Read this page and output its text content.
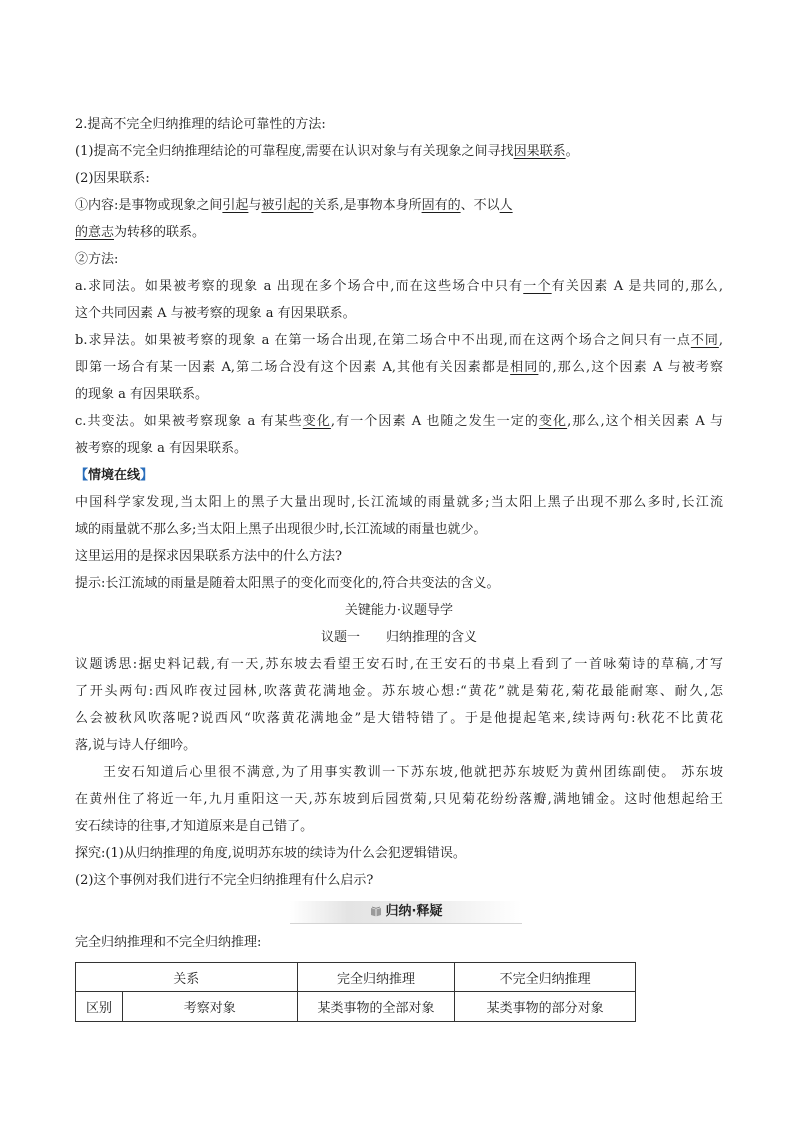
2.提高不完全归纳推理的结论可靠性的方法:
(1)提高不完全归纳推理结论的可靠程度,需要在认识对象与有关现象之间寻找因果联系。
(2)因果联系:
①内容:是事物或现象之间引起与被引起的关系,是事物本身所固有的、不以人
的意志为转移的联系。
②方法:
a.求同法。如果被考察的现象 a 出现在多个场合中,而在这些场合中只有一个有关因素 A 是共同的,那么,
这个共同因素 A 与被考察的现象 a 有因果联系。
b.求异法。如果被考察的现象 a 在第一场合出现,在第二场合中不出现,而在这两个场合之间只有一点不同,
即第一场合有某一因素 A,第二场合没有这个因素 A,其他有关因素都是相同的,那么,这个因素 A 与被考察
的现象 a 有因果联系。
c.共变法。如果被考察现象 a 有某些变化,有一个因素 A 也随之发生一定的变化,那么,这个相关因素 A 与
被考察的现象 a 有因果联系。
【情境在线】
中国科学家发现,当太阳上的黑子大量出现时,长江流域的雨量就多;当太阳上黑子出现不那么多时,长江流
域的雨量就不那么多;当太阳上黑子出现很少时,长江流域的雨量也就少。
这里运用的是探求因果联系方法中的什么方法?
提示:长江流域的雨量是随着太阳黑子的变化而变化的,符合共变法的含义。
关键能力·议题导学
议题一 归纳推理的含义
议题诱思:据史料记载,有一天,苏东坡去看望王安石时,在王安石的书桌上看到了一首咏菊诗的草稿,才写
了开头两句:西风昨夜过园林,吹落黄花满地金。苏东坡心想:“黄花”就是菊花,菊花最能耐寒、耐久,怎
么会被秋风吹落呢?说西风“吹落黄花满地金”是大错特错了。于是他提起笔来,续诗两句:秋花不比黄花
落,说与诗人仔细吟。
王安石知道后心里很不满意,为了用事实教训一下苏东坡,他就把苏东坡贬为黄州团练副使。 苏东坡
在黄州住了将近一年,九月重阳这一天,苏东坡到后园赏菊,只见菊花纷纷落瓣,满地铺金。这时他想起给王
安石续诗的往事,才知道原来是自己错了。
探究:(1)从归纳推理的角度,说明苏东坡的续诗为什么会犯逻辑错误。
(2)这个事例对我们进行不完全归纳推理有什么启示?
归纳·释疑
完全归纳推理和不完全归纳推理:
关系		完全归纳推理	不完全归纳推理
区别	考察对象	某类事物的全部对象	某类事物的部分对象
